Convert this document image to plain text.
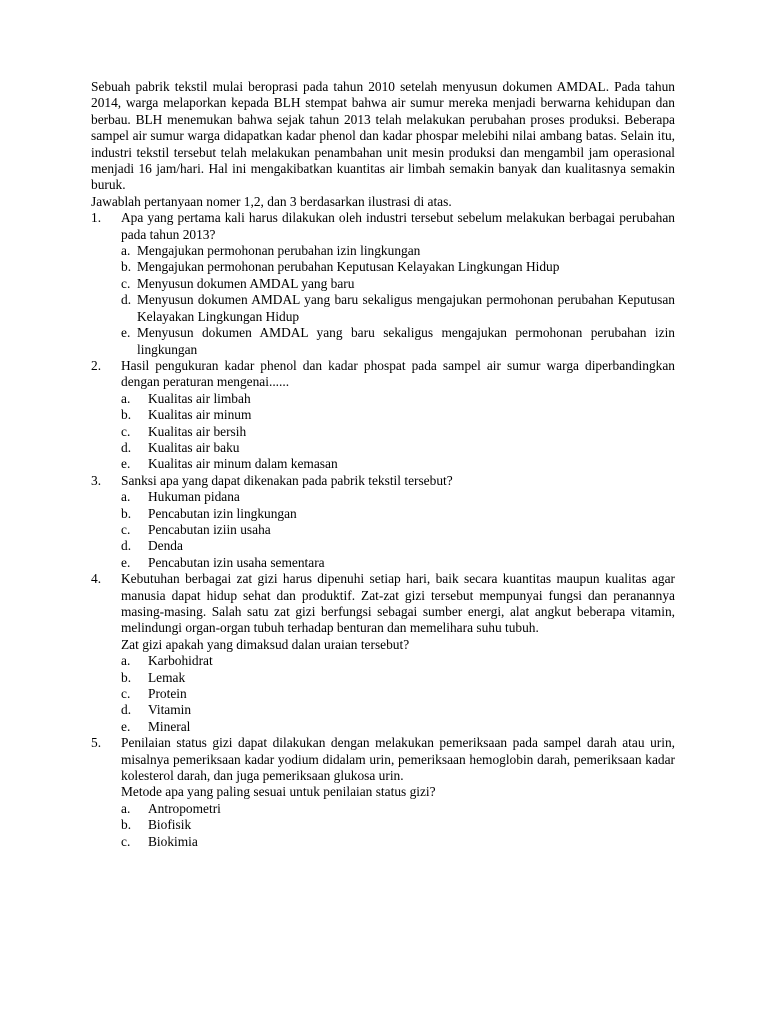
Sebuah pabrik tekstil mulai beroprasi pada tahun 2010 setelah menyusun dokumen AMDAL. Pada tahun 2014, warga melaporkan kepada BLH stempat bahwa air sumur mereka menjadi berwarna kehidupan dan berbau. BLH menemukan bahwa sejak tahun 2013 telah melakukan perubahan proses produksi. Beberapa sampel air sumur warga didapatkan kadar phenol dan kadar phospar melebihi nilai ambang batas. Selain itu, industri tekstil tersebut telah melakukan penambahan unit mesin produksi dan mengambil jam operasional menjadi 16 jam/hari. Hal ini mengakibatkan kuantitas air limbah semakin banyak dan kualitasnya semakin buruk.

Jawablah pertanyaan nomer 1,2, dan 3 berdasarkan ilustrasi di atas.

1.	Apa yang pertama kali harus dilakukan oleh industri tersebut sebelum melakukan berbagai perubahan pada tahun 2013?

a. Mengajukan permohonan perubahan izin lingkungan
b. Mengajukan permohonan perubahan Keputusan Kelayakan Lingkungan Hidup
c. Menyusun dokumen AMDAL yang baru
d. Menyusun dokumen AMDAL yang baru sekaligus mengajukan permohonan perubahan Keputusan Kelayakan Lingkungan Hidup
e. Menyusun dokumen AMDAL yang baru sekaligus mengajukan permohonan perubahan izin lingkungan
2.	Hasil pengukuran kadar phenol dan kadar phospat pada sampel air sumur warga diperbandingkan dengan peraturan mengenai......

a.	Kualitas air limbah
b.	Kualitas air minum
c.	Kualitas air bersih
d.	Kualitas air baku
e.	Kualitas air minum dalam kemasan
3.	Sanksi apa yang dapat dikenakan pada pabrik tekstil tersebut?

a.	Hukuman pidana
b.	Pencabutan izin lingkungan
c.	Pencabutan iziin usaha
d.	Denda
e.	Pencabutan izin usaha sementara
4.	Kebutuhan berbagai zat gizi harus dipenuhi setiap hari, baik secara kuantitas maupun kualitas agar manusia dapat hidup sehat dan produktif. Zat-zat gizi tersebut mempunyai fungsi dan peranannya masing-masing. Salah satu zat gizi berfungsi sebagai sumber energi, alat angkut beberapa vitamin, melindungi organ-organ tubuh terhadap benturan dan memelihara suhu tubuh.

Zat gizi apakah yang dimaksud dalan uraian tersebut?

a.	Karbohidrat
b.	Lemak
c.	Protein
d.	Vitamin
e.	Mineral
5.	Penilaian status gizi dapat dilakukan dengan melakukan pemeriksaan pada sampel darah atau urin, misalnya pemeriksaan kadar yodium didalam urin, pemeriksaan hemoglobin darah, pemeriksaan kadar kolesterol darah, dan juga pemeriksaan glukosa urin.

Metode apa yang paling sesuai untuk penilaian status gizi?

a.	Antropometri
b.	Biofisik
c.	Biokimia
